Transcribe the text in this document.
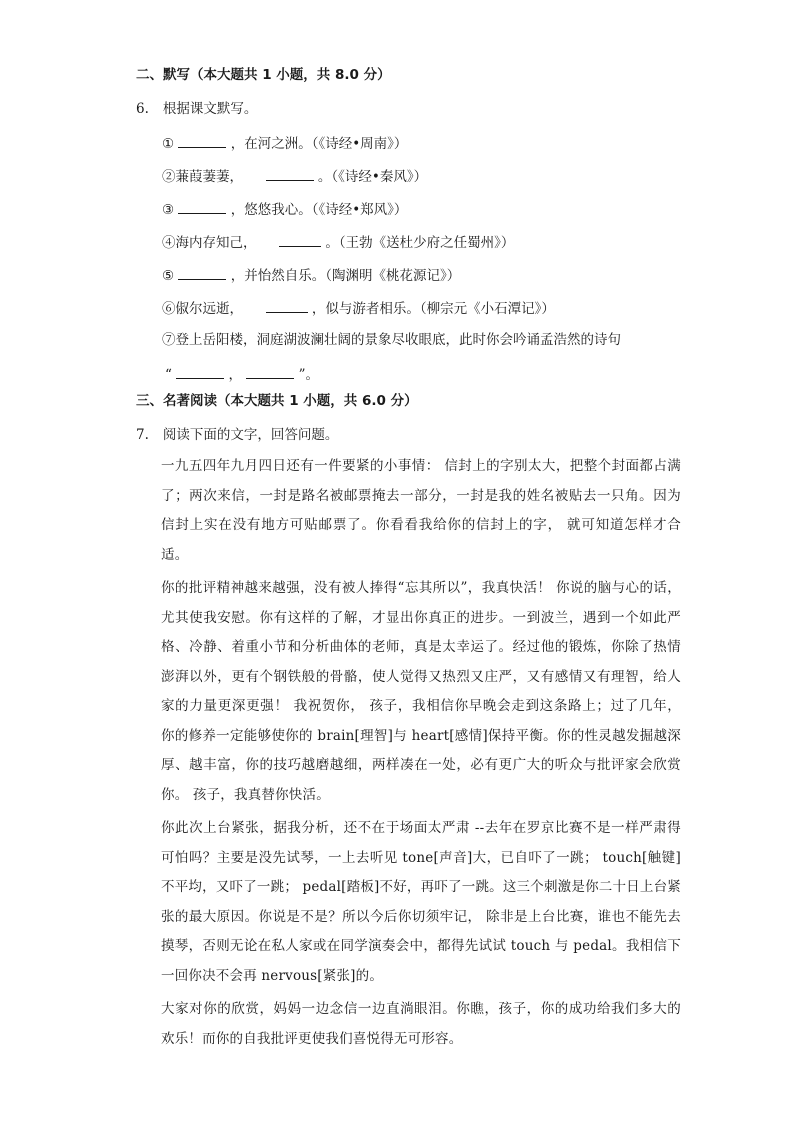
二、默写（本大题共 1 小题，共 8.0 分）
6. 根据课文默写。
①	，在河之洲。（《诗经•周南》）
②蒹葭萋萋，	。（《诗经•秦风》）
③	，悠悠我心。（《诗经•郑风》）
④海内存知己，	。（王勃《送杜少府之任蜀州》）
⑤	，并怡然自乐。（陶渊明《桃花源记》）
⑥俶尔远逝，	，似与游者相乐。（柳宗元《小石潭记》）
⑦登上岳阳楼，洞庭湖波澜壮阔的景象尽收眼底，此时你会吟诵孟浩然的诗句
“	，	”。
三、名著阅读（本大题共 1 小题，共 6.0 分）
7. 阅读下面的文字，回答问题。

一九五四年九月四日还有一件要紧的小事情： 信封上的字别太大，把整个封面都占满了；两次来信，一封是路名被邮票掩去一部分，一封是我的姓名被贴去一只角。因为信封上实在没有地方可贴邮票了。你看看我给你的信封上的字， 就可知道怎样才合适。

你的批评精神越来越强，没有被人捧得“忘其所以”，我真快活！ 你说的脑与心的话，尤其使我安慰。你有这样的了解，才显出你真正的进步。一到波兰，遇到一个如此严格、冷静、着重小节和分析曲体的老师，真是太幸运了。经过他的锻炼，你除了热情澎湃以外，更有个钢铁般的骨骼，使人觉得又热烈又庄严，又有感情又有理智，给人家的力量更深更强！ 我祝贺你， 孩子，我相信你早晚会走到这条路上；过了几年， 你的修养一定能够使你的 brain[理智]与 heart[感情]保持平衡。你的性灵越发掘越深厚、越丰富，你的技巧越磨越细，两样凑在一处，必有更广大的听众与批评家会欣赏你。 孩子，我真替你快活。

你此次上台紧张，据我分析，还不在于场面太严肃 --去年在罗京比赛不是一样严肃得可怕吗？主要是没先试琴，一上去听见 tone[声音]大，已自吓了一跳； touch[触键]不平均，又吓了一跳； pedal[踏板]不好，再吓了一跳。这三个刺激是你二十日上台紧张的最大原因。你说是不是？所以今后你切须牢记， 除非是上台比赛，谁也不能先去摸琴，否则无论在私人家或在同学演奏会中，都得先试试 touch 与 pedal。我相信下一回你决不会再 nervous[紧张]的。

大家对你的欣赏，妈妈一边念信一边直淌眼泪。你瞧，孩子，你的成功给我们多大的欢乐！而你的自我批评更使我们喜悦得无可形容。
